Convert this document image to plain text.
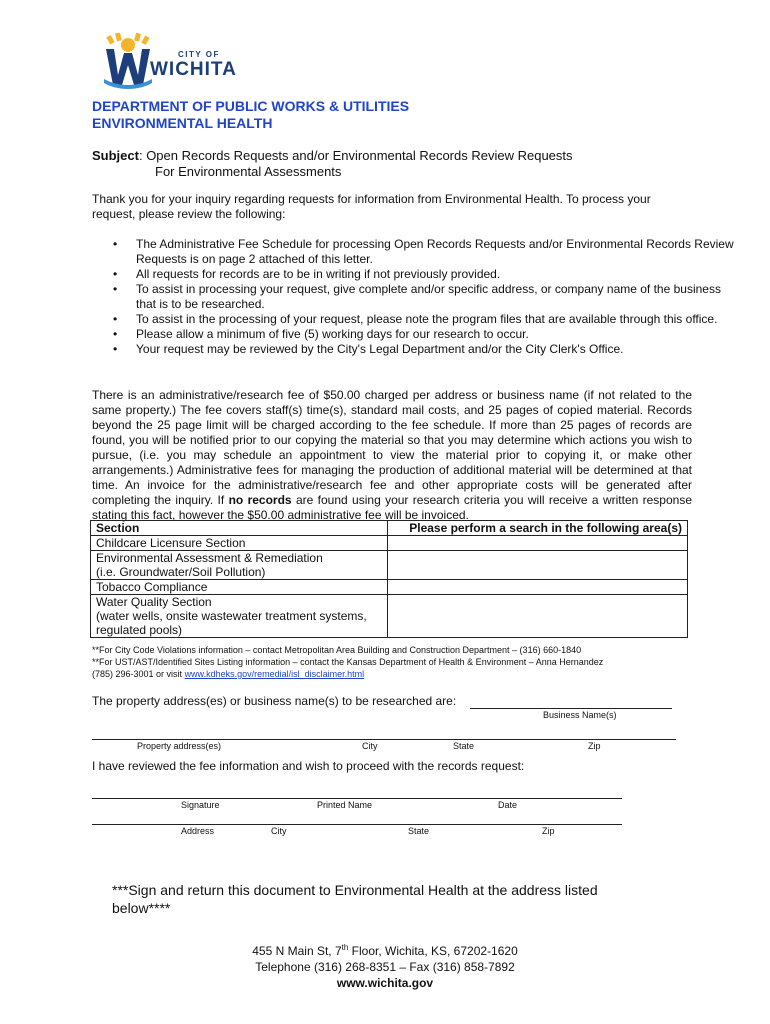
CITY OF
WICHITA
DEPARTMENT OF PUBLIC WORKS & UTILITIES
ENVIRONMENTAL HEALTH
Subject: Open Records Requests and/or Environmental Records Review Requests
For Environmental Assessments
Thank you for your inquiry regarding requests for information from Environmental Health. To process your request, please review the following:
• The Administrative Fee Schedule for processing Open Records Requests and/or Environmental Records Review Requests is on page 2 attached of this letter.
• All requests for records are to be in writing if not previously provided.
• To assist in processing your request, give complete and/or specific address, or company name of the business that is to be researched.
• To assist in the processing of your request, please note the program files that are available through this office.
• Please allow a minimum of five (5) working days for our research to occur.
• Your request may be reviewed by the City's Legal Department and/or the City Clerk's Office.
There is an administrative/research fee of $50.00 charged per address or business name (if not related to the same property.) The fee covers staff(s) time(s), standard mail costs, and 25 pages of copied material. Records beyond the 25 page limit will be charged according to the fee schedule. If more than 25 pages of records are found, you will be notified prior to our copying the material so that you may determine which actions you wish to pursue, (i.e. you may schedule an appointment to view the material prior to copying it, or make other arrangements.) Administrative fees for managing the production of additional material will be determined at that time. An invoice for the administrative/research fee and other appropriate costs will be generated after completing the inquiry. If no records are found using your research criteria you will receive a written response stating this fact, however the $50.00 administrative fee will be invoiced.
Section	Please perform a search in the following area(s)
Childcare Licensure Section	

Environmental Assessment & Remediation
(i.e. Groundwater/Soil Pollution)	

Tobacco Compliance	

Water Quality Section
(water wells, onsite wastewater treatment systems,
regulated pools)	

**For City Code Violations information – contact Metropolitan Area Building and Construction Department – (316) 660-1840
**For UST/AST/Identified Sites Listing information – contact the Kansas Department of Health & Environment – Anna Hernandez
(785) 296-3001 or visit www.kdheks.gov/remedial/isl_disclaimer.html
The property address(es) or business name(s) to be researched are:
Business Name(s)
Property address(es)	City	State	Zip
I have reviewed the fee information and wish to proceed with the records request:
Signature	Printed Name	Date
Address	City	State	Zip
***Sign and return this document to Environmental Health at the address listed below****
455 N Main St, 7th Floor, Wichita, KS, 67202-1620
Telephone (316) 268-8351 – Fax (316) 858-7892
www.wichita.gov
